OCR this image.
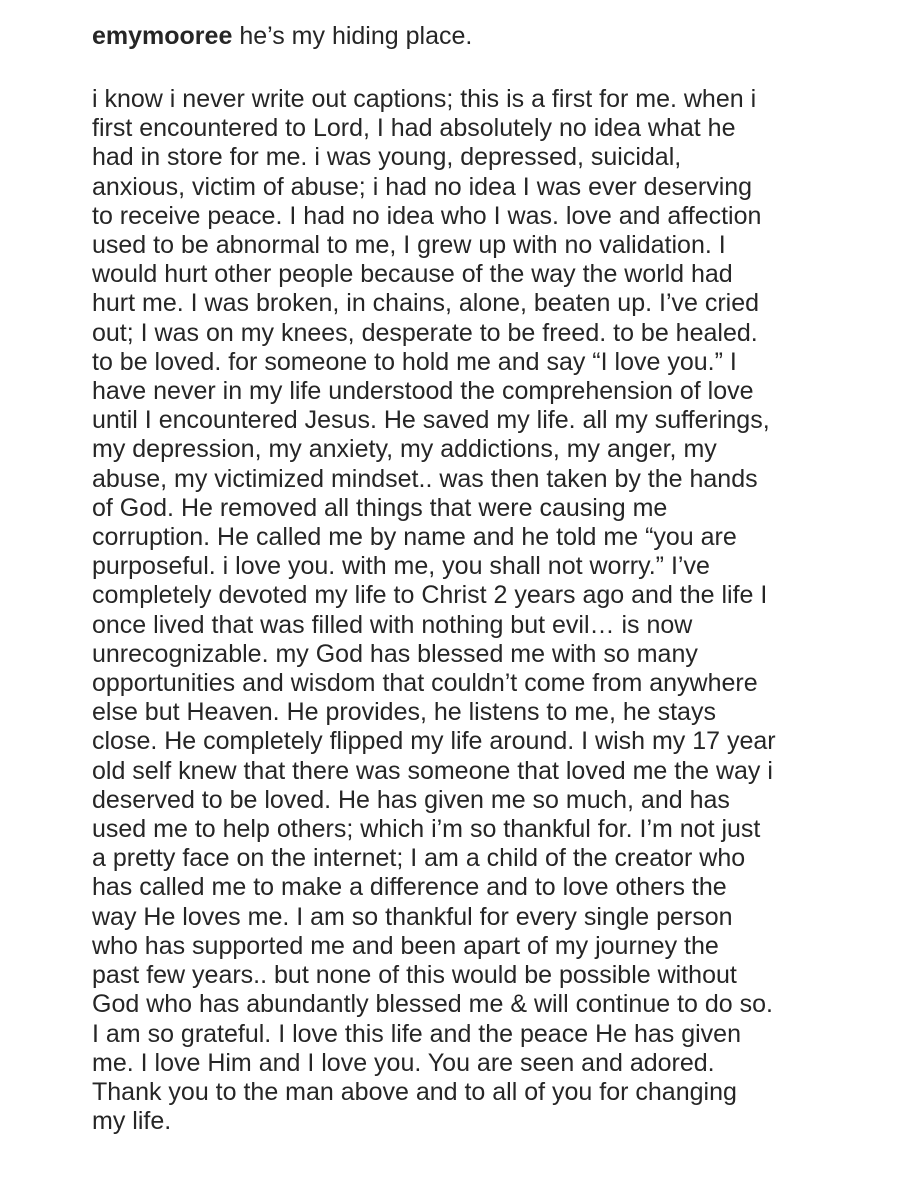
emymooree he’s my hiding place.

i know i never write out captions; this is a first for me. when i
first encountered to Lord, I had absolutely no idea what he
had in store for me. i was young, depressed, suicidal,
anxious, victim of abuse; i had no idea I was ever deserving
to receive peace. I had no idea who I was. love and affection
used to be abnormal to me, I grew up with no validation. I
would hurt other people because of the way the world had
hurt me. I was broken, in chains, alone, beaten up. I’ve cried
out; I was on my knees, desperate to be freed. to be healed.
to be loved. for someone to hold me and say “I love you.” I
have never in my life understood the comprehension of love
until I encountered Jesus. He saved my life. all my sufferings,
my depression, my anxiety, my addictions, my anger, my
abuse, my victimized mindset.. was then taken by the hands
of God. He removed all things that were causing me
corruption. He called me by name and he told me “you are
purposeful. i love you. with me, you shall not worry.” I’ve
completely devoted my life to Christ 2 years ago and the life I
once lived that was filled with nothing but evil… is now
unrecognizable. my God has blessed me with so many
opportunities and wisdom that couldn’t come from anywhere
else but Heaven. He provides, he listens to me, he stays
close. He completely flipped my life around. I wish my 17 year
old self knew that there was someone that loved me the way i
deserved to be loved. He has given me so much, and has
used me to help others; which i’m so thankful for. I’m not just
a pretty face on the internet; I am a child of the creator who
has called me to make a difference and to love others the
way He loves me. I am so thankful for every single person
who has supported me and been apart of my journey the
past few years.. but none of this would be possible without
God who has abundantly blessed me & will continue to do so.
I am so grateful. I love this life and the peace He has given
me. I love Him and I love you. You are seen and adored.
Thank you to the man above and to all of you for changing
my life.
